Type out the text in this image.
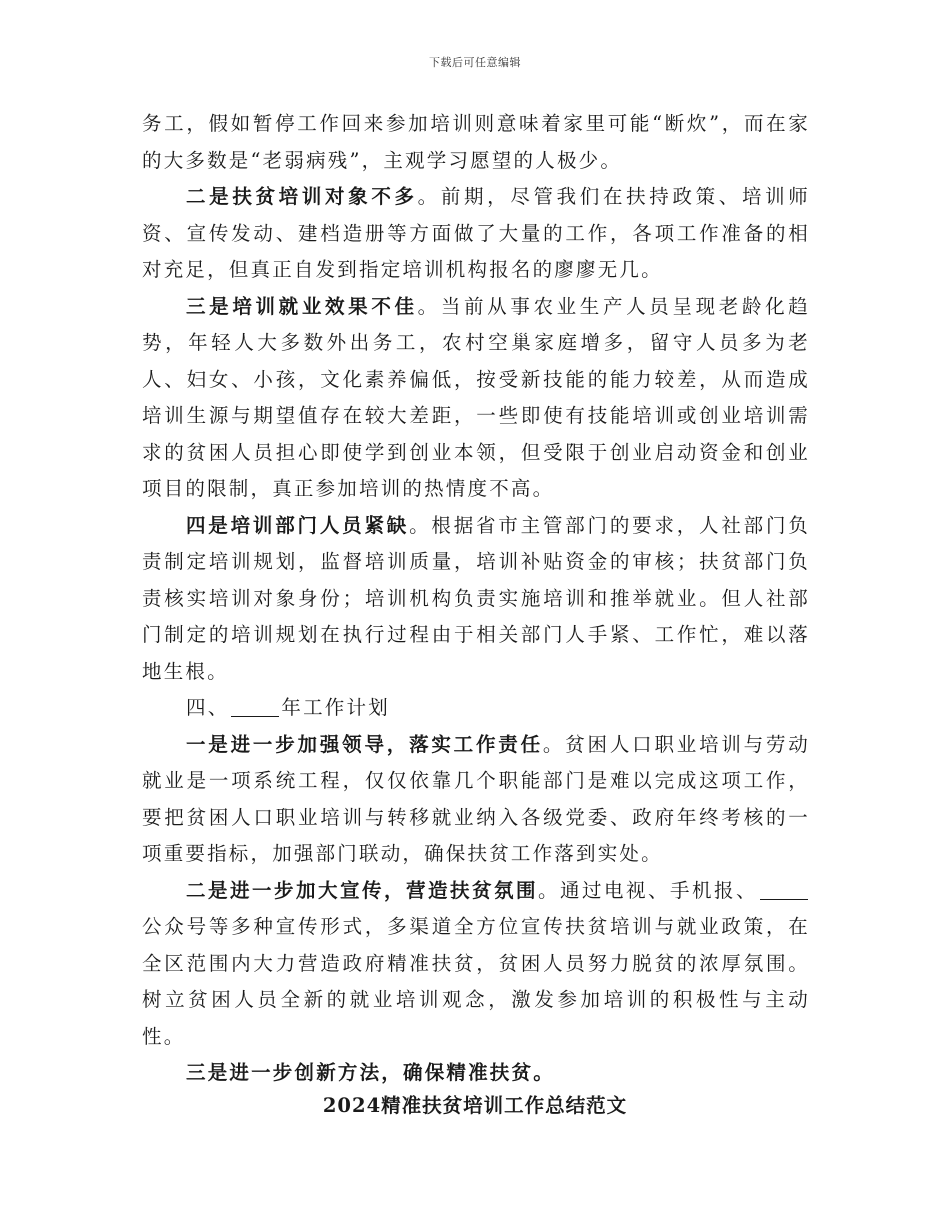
下载后可任意编辑

务工，假如暂停工作回来参加培训则意味着家里可能“断炊”，而在家的大多数是“老弱病残”，主观学习愿望的人极少。

二是扶贫培训对象不多。前期，尽管我们在扶持政策、培训师资、宣传发动、建档造册等方面做了大量的工作，各项工作准备的相对充足，但真正自发到指定培训机构报名的廖廖无几。

三是培训就业效果不佳。当前从事农业生产人员呈现老龄化趋势，年轻人大多数外出务工，农村空巢家庭增多，留守人员多为老人、妇女、小孩，文化素养偏低，按受新技能的能力较差，从而造成培训生源与期望值存在较大差距，一些即使有技能培训或创业培训需求的贫困人员担心即使学到创业本领，但受限于创业启动资金和创业项目的限制，真正参加培训的热情度不高。

四是培训部门人员紧缺。根据省市主管部门的要求，人社部门负责制定培训规划，监督培训质量，培训补贴资金的审核；扶贫部门负责核实培训对象身份；培训机构负责实施培训和推举就业。但人社部门制定的培训规划在执行过程由于相关部门人手紧、工作忙，难以落地生根。

四、	年工作计划

一是进一步加强领导，落实工作责任。贫困人口职业培训与劳动就业是一项系统工程，仅仅依靠几个职能部门是难以完成这项工作，要把贫困人口职业培训与转移就业纳入各级党委、政府年终考核的一项重要指标，加强部门联动，确保扶贫工作落到实处。

二是进一步加大宣传，营造扶贫氛围。通过电视、手机报、公众号等多种宣传形式，多渠道全方位宣传扶贫培训与就业政策，在全区范围内大力营造政府精准扶贫，贫困人员努力脱贫的浓厚氛围。树立贫困人员全新的就业培训观念，激发参加培训的积极性与主动性。

三是进一步创新方法，确保精准扶贫。

2024精准扶贫培训工作总结范文
